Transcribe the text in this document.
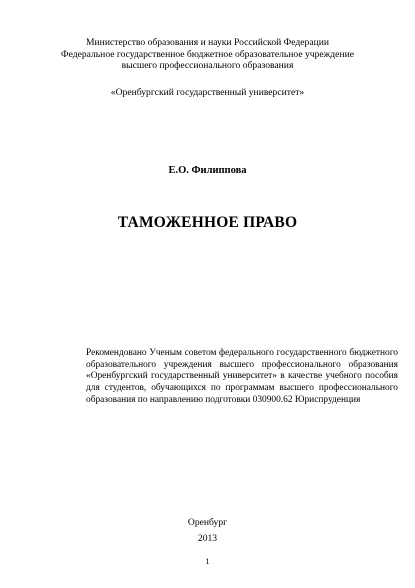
Министерство образования и науки Российской Федерации
Федеральное государственное бюджетное образовательное учреждение
высшего профессионального образования
«Оренбургский государственный университет»
Е.О. Филиппова
ТАМОЖЕННОЕ ПРАВО
Рекомендовано Ученым советом федерального государственного бюджетного образовательного учреждения высшего профессионального образования «Оренбургский государственный университет» в качестве учебного пособия для студентов, обучающихся по программам высшего профессионального образования по направлению подготовки 030900.62 Юриспруденция
Оренбург
2013
1
